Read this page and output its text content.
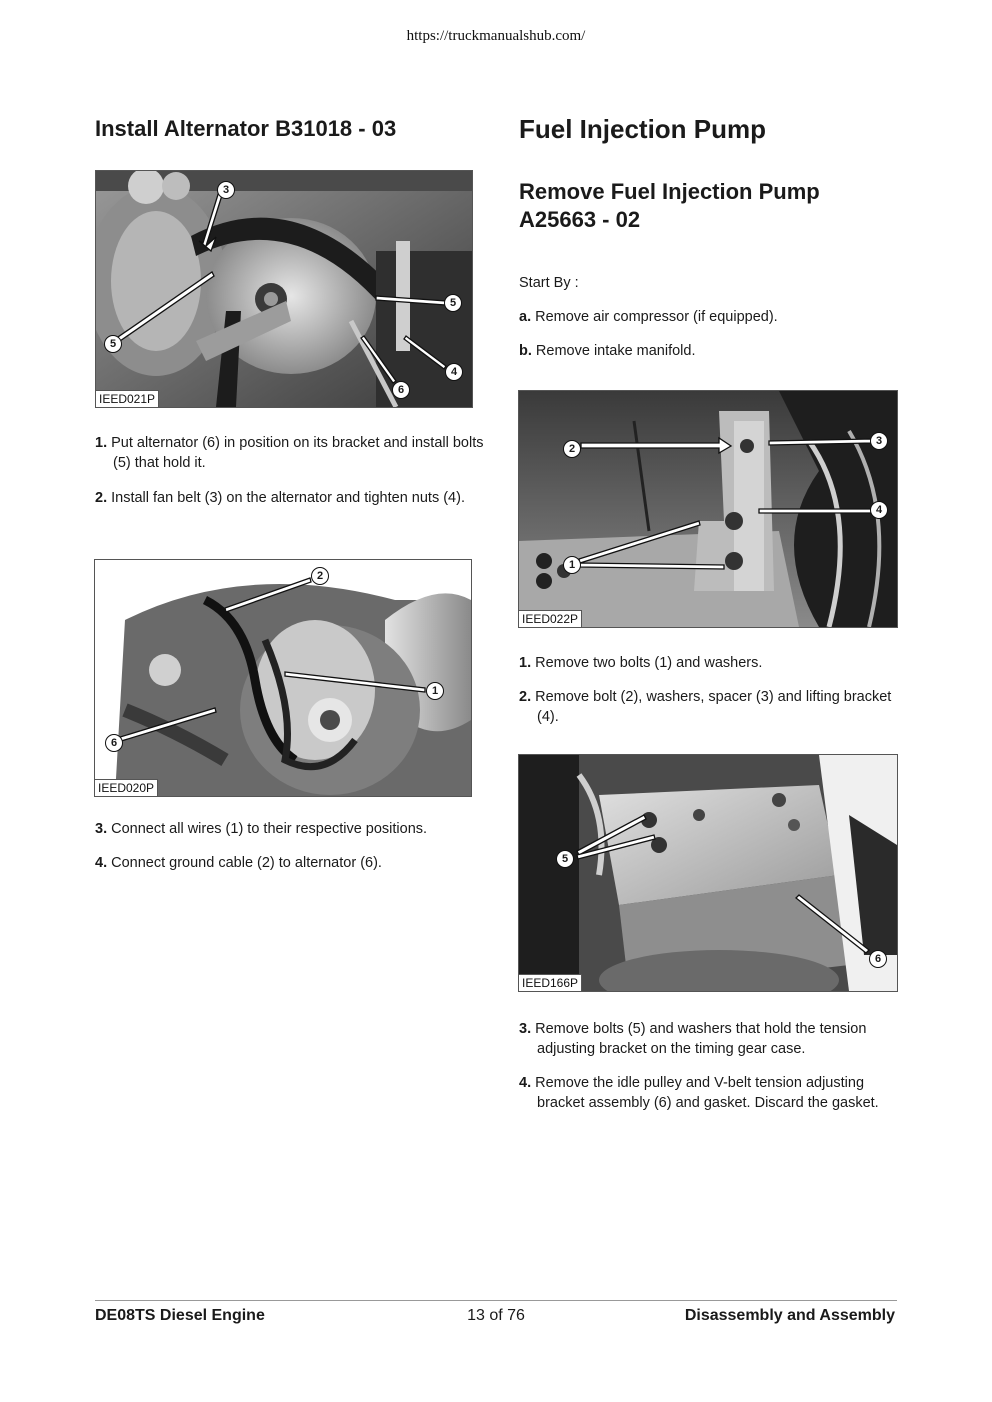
https://truckmanualshub.com/
Install Alternator B31018 - 03
3
5
5
4
6
IEED021P
1. Put alternator (6) in position on its bracket and install bolts (5) that hold it.
2. Install fan belt (3) on the alternator and tighten nuts (4).
2
1
6
IEED020P
3. Connect all wires (1) to their respective positions.
4. Connect ground cable (2) to alternator (6).
Fuel Injection Pump
Remove Fuel Injection Pump A25663 - 02
Start By :
a. Remove air compressor (if equipped).
b. Remove intake manifold.
2
3
4
1
IEED022P
1. Remove two bolts (1) and washers.
2. Remove bolt (2), washers, spacer (3) and lifting bracket (4).
5
6
IEED166P
3. Remove bolts (5) and washers that hold the tension adjusting bracket on the timing gear case.
4. Remove the idle pulley and V-belt tension adjusting bracket assembly (6) and gasket. Discard the gasket.
13 of 76
DE08TS Diesel Engine	Disassembly and Assembly
